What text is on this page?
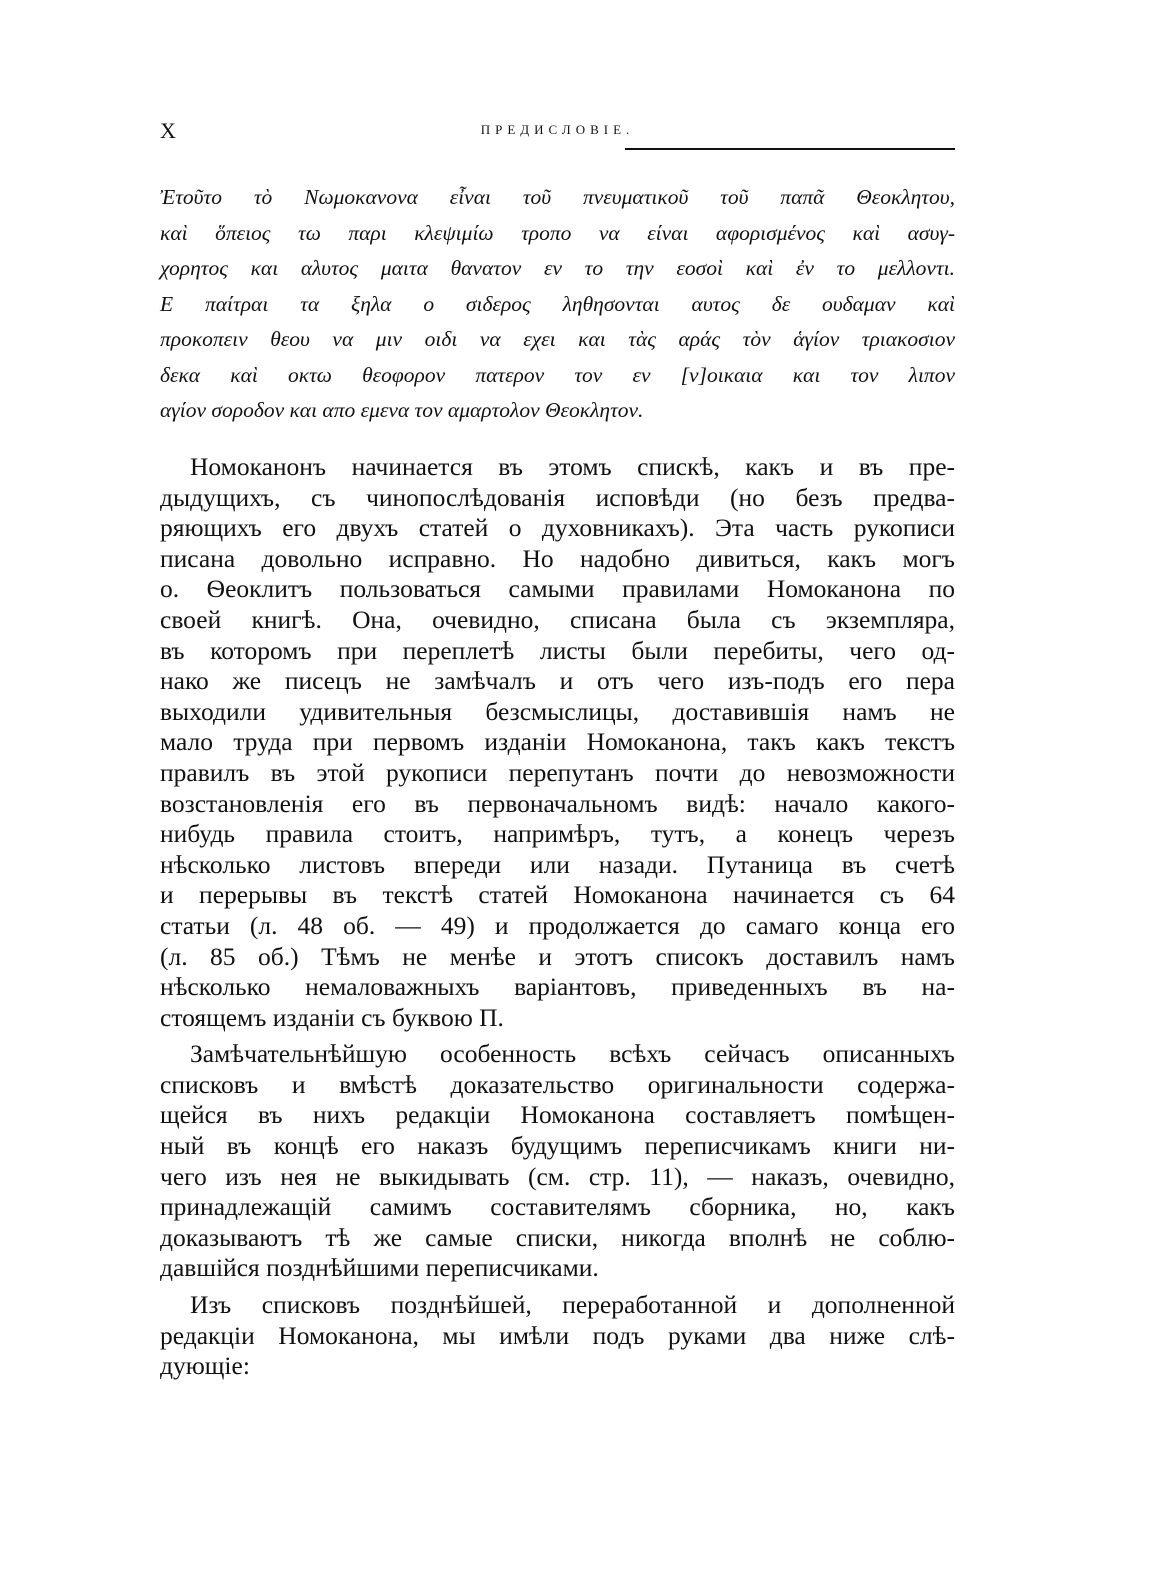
X	ПРЕДИСЛОВІЕ.
Ἐτοῦτο τὸ Νωμοκανονα εἶναι τοῦ πνευματικοῦ τοῦ παπᾶ Θεοκλητου,
καὶ ὅπειος τω παρι κλεψιμίω τροπο να είναι αφορισμένος καὶ ασυγ-
χορητος και αλυτος μαιτα θανατον εν το την εοσοὶ καὶ ἐν το μελλοντι.
Ε παίτραι τα ξηλα ο σιδερος ληθησονται αυτος δε ουδαμαν καὶ
προκοπειν θεου να μιν οιδι να εχει και τὰς αράς τὸν ἁγίον τριακοσιον
δεκα καὶ οκτω θεοφορον πατερον τον εν [ν]οικαια και τον λιπον
αγίον σοροδον και απο εμενα τον αμαρτολον Θεοκλητον.
Номоканонъ начинается въ этомъ спискѣ, какъ и въ пре-
дыдущихъ, съ чинопослѣдованія исповѣди (но безъ предва-
ряющихъ его двухъ статей о духовникахъ). Эта часть рукописи
писана довольно исправно. Но надобно дивиться, какъ могъ
о. Ѳеоклитъ пользоваться самыми правилами Номоканона по
своей книгѣ. Она, очевидно, списана была съ экземпляра,
въ которомъ при переплетѣ листы были перебиты, чего од-
нако же писецъ не замѣчалъ и отъ чего изъ-подъ его пера
выходили удивительныя безсмыслицы, доставившія намъ не
мало труда при первомъ изданіи Номоканона, такъ какъ текстъ
правилъ въ этой рукописи перепутанъ почти до невозможности
возстановленія его въ первоначальномъ видѣ: начало какого-
нибудь правила стоитъ, напримѣръ, тутъ, а конецъ черезъ
нѣсколько листовъ впереди или назади. Путаница въ счетѣ
и перерывы въ текстѣ статей Номоканона начинается съ 64
статьи (л. 48 об. — 49) и продолжается до самаго конца его
(л. 85 об.) Тѣмъ не менѣе и этотъ списокъ доставилъ намъ
нѣсколько немаловажныхъ варіантовъ, приведенныхъ въ на-
стоящемъ изданіи съ буквою П.
Замѣчательнѣйшую особенность всѣхъ сейчасъ описанныхъ
списковъ и вмѣстѣ доказательство оригинальности содержа-
щейся въ нихъ редакціи Номоканона составляетъ помѣщен-
ный въ концѣ его наказъ будущимъ переписчикамъ книги ни-
чего изъ нея не выкидывать (см. стр. 11), — наказъ, очевидно,
принадлежащій самимъ составителямъ сборника, но, какъ
доказываютъ тѣ же самые списки, никогда вполнѣ не соблю-
давшійся позднѣйшими переписчиками.
Изъ списковъ позднѣйшей, переработанной и дополненной
редакціи Номоканона, мы имѣли подъ руками два ниже слѣ-
дующіе:
